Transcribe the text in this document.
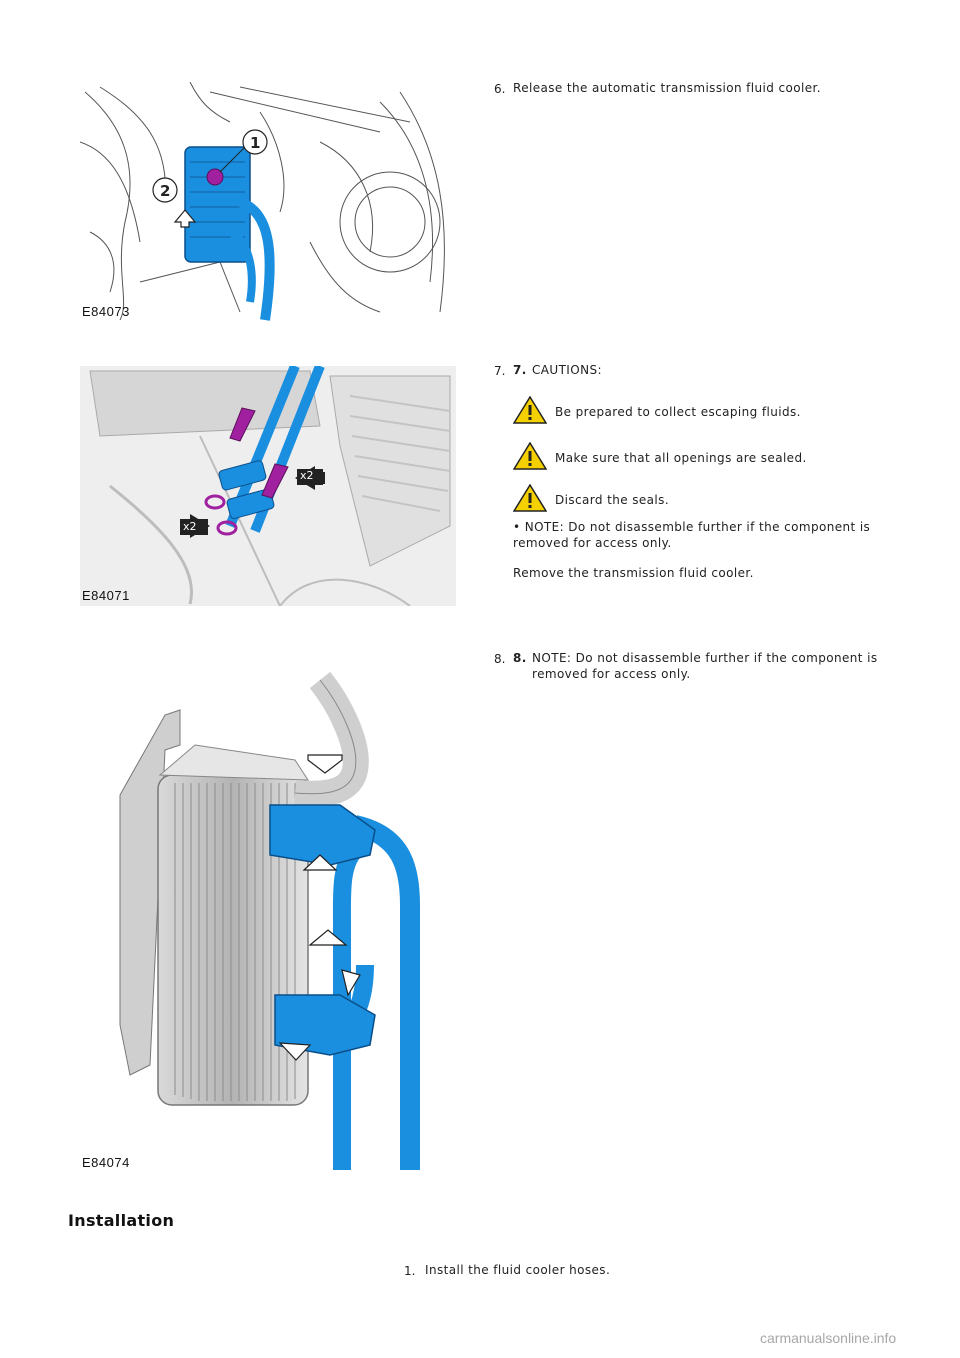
1
2
E84073
6. Release the automatic transmission fluid cooler.
x2
x2
E84071
7. 7. CAUTIONS:
Be prepared to collect escaping fluids.
Make sure that all openings are sealed.
Discard the seals.
• NOTE: Do not disassemble further if the component is removed for access only.
Remove the transmission fluid cooler.
E84074
8. 8. NOTE: Do not disassemble further if the component is removed for access only.
Installation
1. Install the fluid cooler hoses.
carmanualsonline.info
